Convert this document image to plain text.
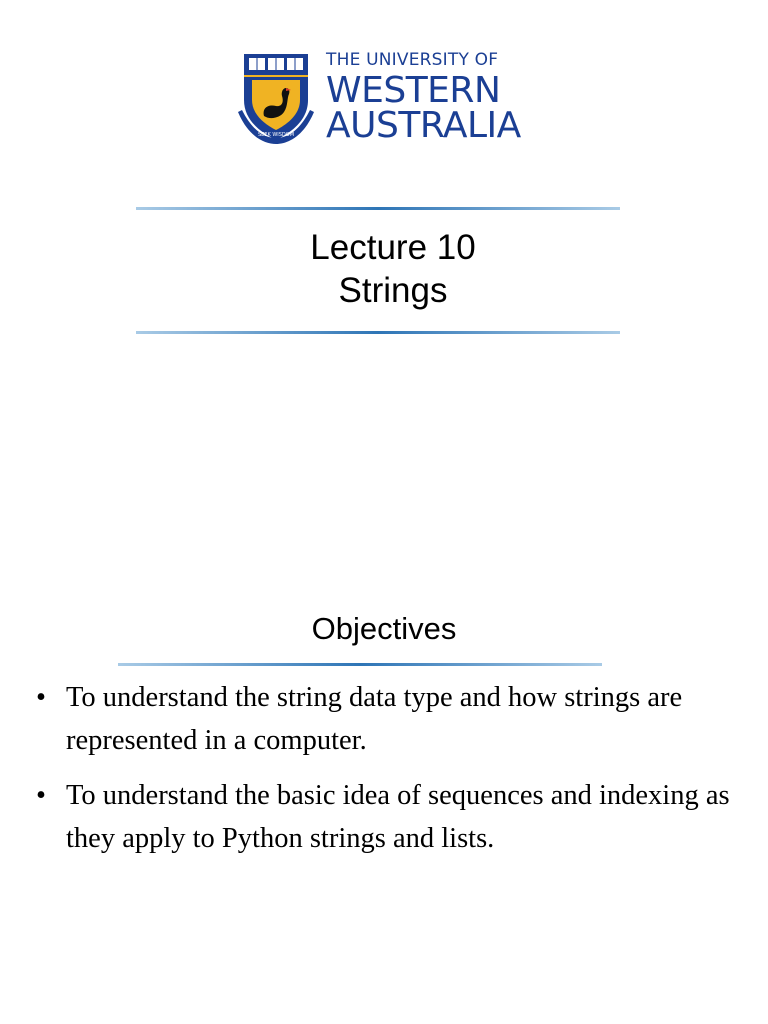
SEEK WISDOM
THE UNIVERSITY OF
WESTERN
AUSTRALIA
Lecture 10
Strings
Objectives
• To understand the string data type and how strings are represented in a computer.
• To understand the basic idea of sequences and indexing as they apply to Python strings and lists.
